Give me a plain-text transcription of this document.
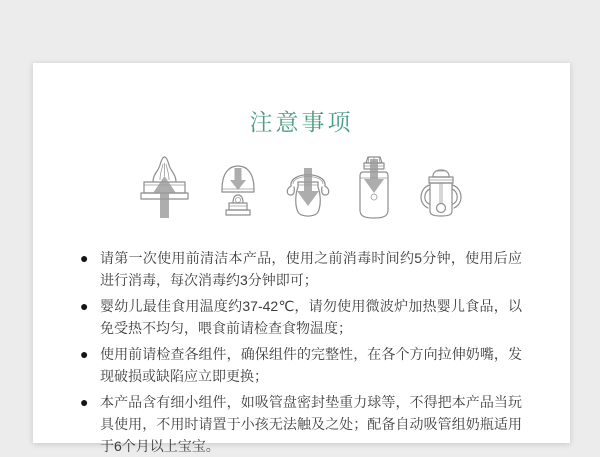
注意事项
● 请第一次使用前清洁本产品，使用之前消毒时间约5分钟，使用后应进行消毒，每次消毒约3分钟即可；
● 婴幼儿最佳食用温度约37-42℃，请勿使用微波炉加热婴儿食品，以免受热不均匀，喂食前请检查食物温度；
● 使用前请检查各组件，确保组件的完整性，在各个方向拉伸奶嘴，发现破损或缺陷应立即更换；
● 本产品含有细小组件，如吸管盘密封垫重力球等，不得把本产品当玩具使用，不用时请置于小孩无法触及之处；配备自动吸管组奶瓶适用于6个月以上宝宝。
